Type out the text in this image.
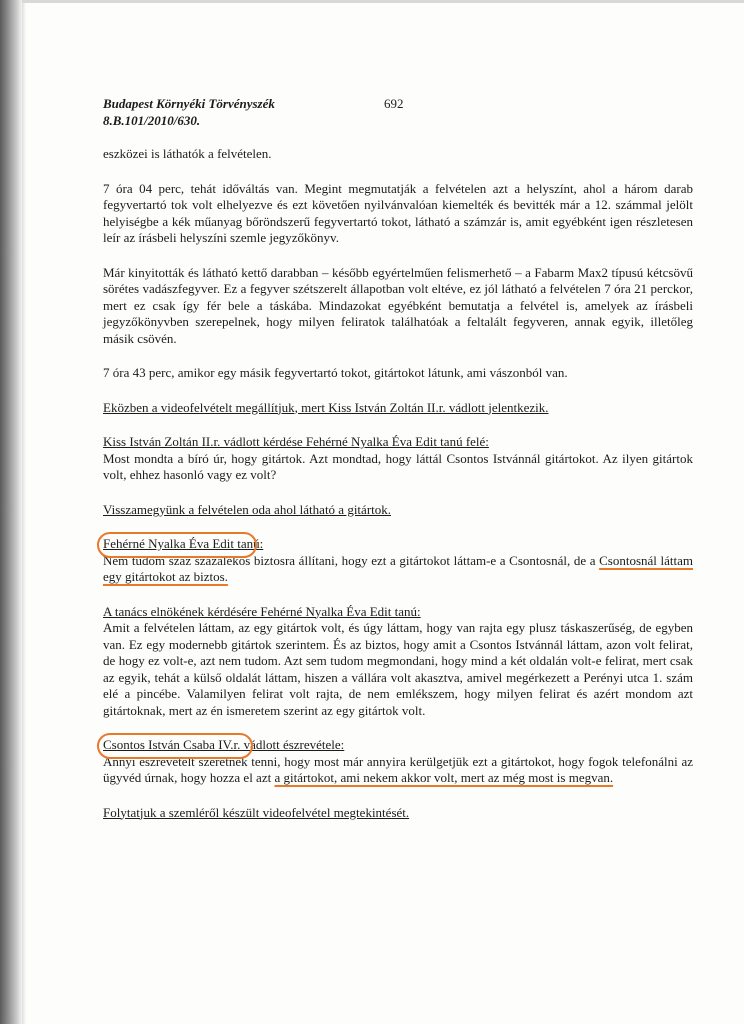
Budapest Környéki Törvényszék
8.B.101/2010/630.
692

eszközei is láthatók a felvételen.

7 óra 04 perc, tehát időváltás van. Megint megmutatják a felvételen azt a helyszínt, ahol a három darab fegyvertartó tok volt elhelyezve és ezt követően nyilvánvalóan kiemelték és bevitték már a 12. számmal jelölt helyiségbe a kék műanyag bőröndszerű fegyvertartó tokot, látható a számzár is, amit egyébként igen részletesen leír az írásbeli helyszíni szemle jegyzőkönyv.

Már kinyitották és látható kettő darabban – később egyértelműen felismerhető – a Fabarm Max2 típusú kétcsövű sörétes vadászfegyver. Ez a fegyver szétszerelt állapotban volt eltéve, ez jól látható a felvételen 7 óra 21 perckor, mert ez csak így fér bele a táskába. Mindazokat egyébként bemutatja a felvétel is, amelyek az írásbeli jegyzőkönyvben szerepelnek, hogy milyen feliratok találhatóak a feltalált fegyveren, annak egyik, illetőleg másik csövén.

7 óra 43 perc, amikor egy másik fegyvertartó tokot, gitártokot látunk, ami vászonból van.

Eközben a videofelvételt megállítjuk, mert Kiss István Zoltán II.r. vádlott jelentkezik.

Kiss István Zoltán II.r. vádlott kérdése Fehérné Nyalka Éva Edit tanú felé:

Most mondta a bíró úr, hogy gitártok. Azt mondtad, hogy láttál Csontos Istvánnál gitártokot. Az ilyen gitártok volt, ehhez hasonló vagy ez volt?

Visszamegyünk a felvételen oda ahol látható a gitártok.

Fehérné Nyalka Éva Edit tanú:

Nem tudom száz százalékos biztosra állítani, hogy ezt a gitártokot láttam-e a Csontosnál, de a Csontosnál láttam egy gitártokot az biztos.

A tanács elnökének kérdésére Fehérné Nyalka Éva Edit tanú:

Amit a felvételen láttam, az egy gitártok volt, és úgy láttam, hogy van rajta egy plusz táskaszerűség, de egyben van. Ez egy modernebb gitártok szerintem. És az biztos, hogy amit a Csontos Istvánnál láttam, azon volt felirat, de hogy ez volt-e, azt nem tudom. Azt sem tudom megmondani, hogy mind a két oldalán volt-e felirat, mert csak az egyik, tehát a külső oldalát láttam, hiszen a vállára volt akasztva, amivel megérkezett a Perényi utca 1. szám elé a pincébe. Valamilyen felirat volt rajta, de nem emlékszem, hogy milyen felirat és azért mondom azt gitártoknak, mert az én ismeretem szerint az egy gitártok volt.

Csontos István Csaba IV.r. vádlott észrevétele:

Annyi észrevételt szeretnék tenni, hogy most már annyira kerülgetjük ezt a gitártokot, hogy fogok telefonálni az ügyvéd úrnak, hogy hozza el azt a gitártokot, ami nekem akkor volt, mert az még most is megvan.

Folytatjuk a szemléről készült videofelvétel megtekintését.
